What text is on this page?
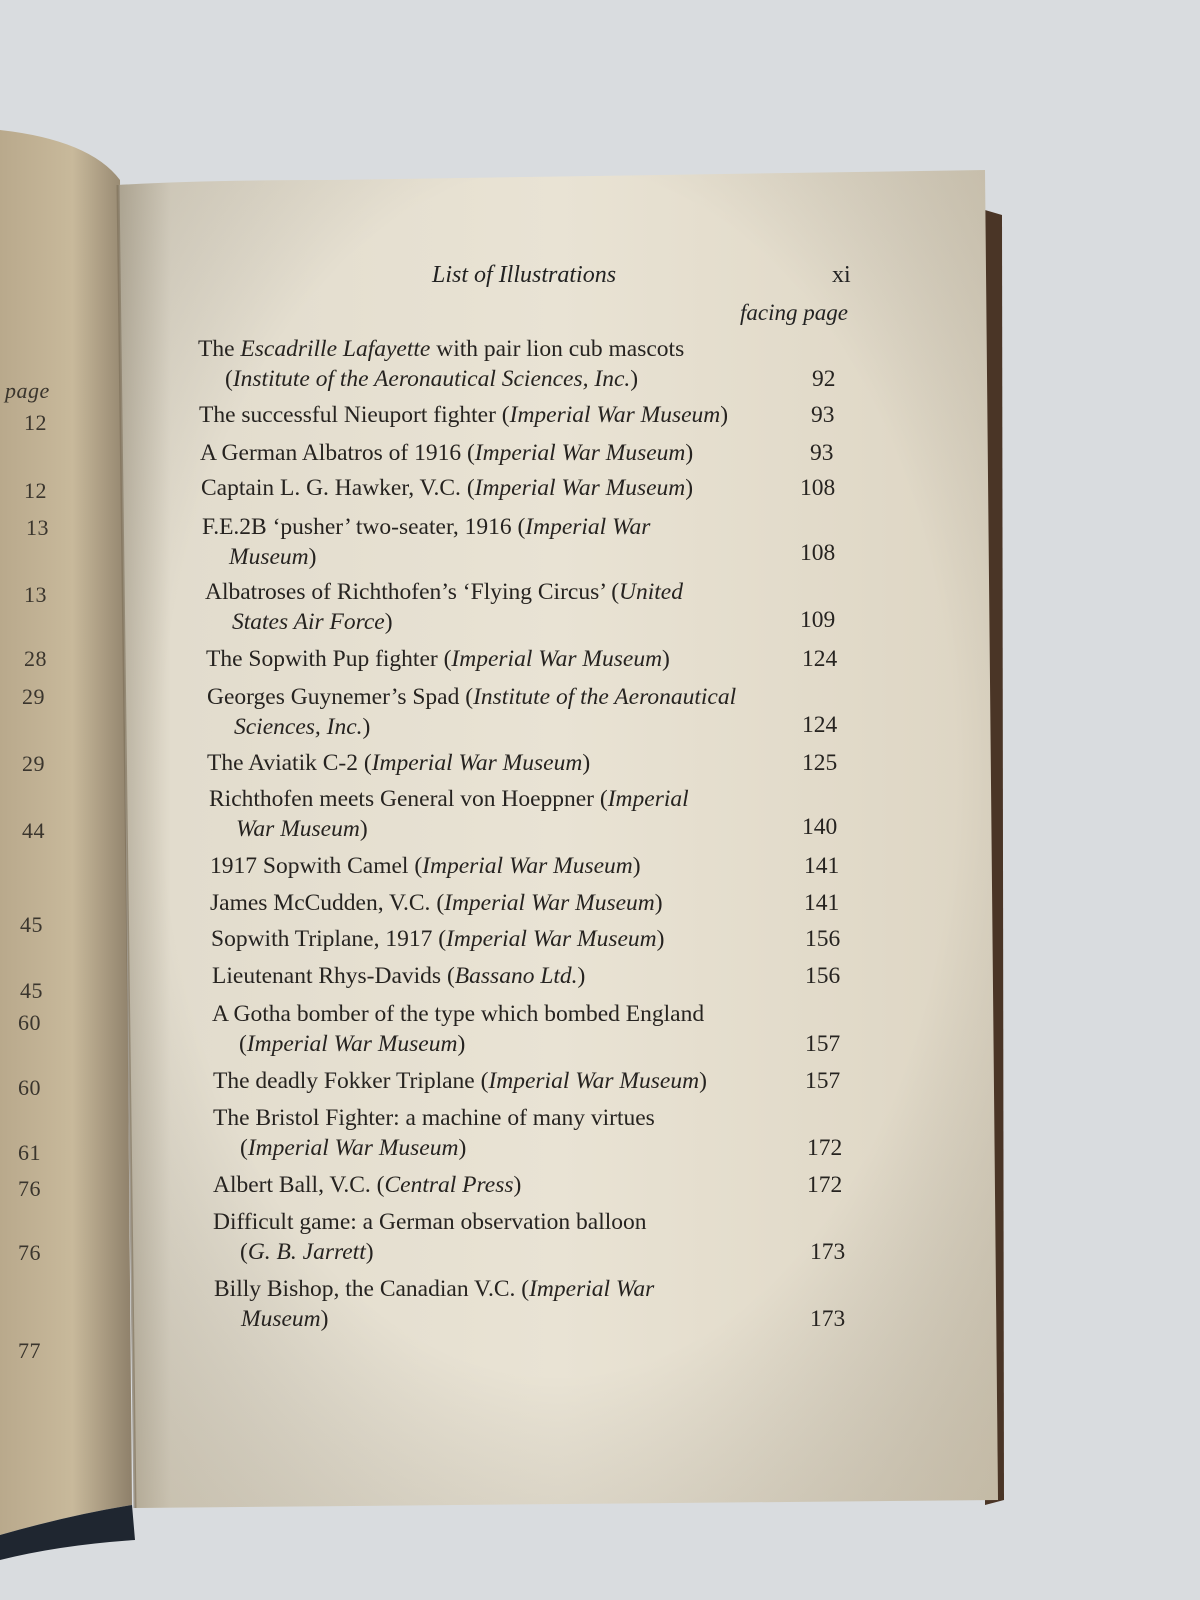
page
12
12
13
13
28
29
29
44
45
45
60
60
61
76
76
77
List of Illustrations	xi
facing page
The Escadrille Lafayette with pair lion cub mascots
(Institute of the Aeronautical Sciences, Inc.)	92
The successful Nieuport fighter (Imperial War Museum)	93
A German Albatros of 1916 (Imperial War Museum)	93
Captain L. G. Hawker, V.C. (Imperial War Museum)	108
F.E.2B ‘pusher’ two-seater, 1916 (Imperial War
Museum)	108
Albatroses of Richthofen’s ‘Flying Circus’ (United
States Air Force)	109
The Sopwith Pup fighter (Imperial War Museum)	124
Georges Guynemer’s Spad (Institute of the Aeronautical
Sciences, Inc.)	124
The Aviatik C-2 (Imperial War Museum)	125
Richthofen meets General von Hoeppner (Imperial
War Museum)	140
1917 Sopwith Camel (Imperial War Museum)	141
James McCudden, V.C. (Imperial War Museum)	141
Sopwith Triplane, 1917 (Imperial War Museum)	156
Lieutenant Rhys-Davids (Bassano Ltd.)	156
A Gotha bomber of the type which bombed England
(Imperial War Museum)	157
The deadly Fokker Triplane (Imperial War Museum)	157
The Bristol Fighter: a machine of many virtues
(Imperial War Museum)	172
Albert Ball, V.C. (Central Press)	172
Difficult game: a German observation balloon
(G. B. Jarrett)	173
Billy Bishop, the Canadian V.C. (Imperial War
Museum)	173
